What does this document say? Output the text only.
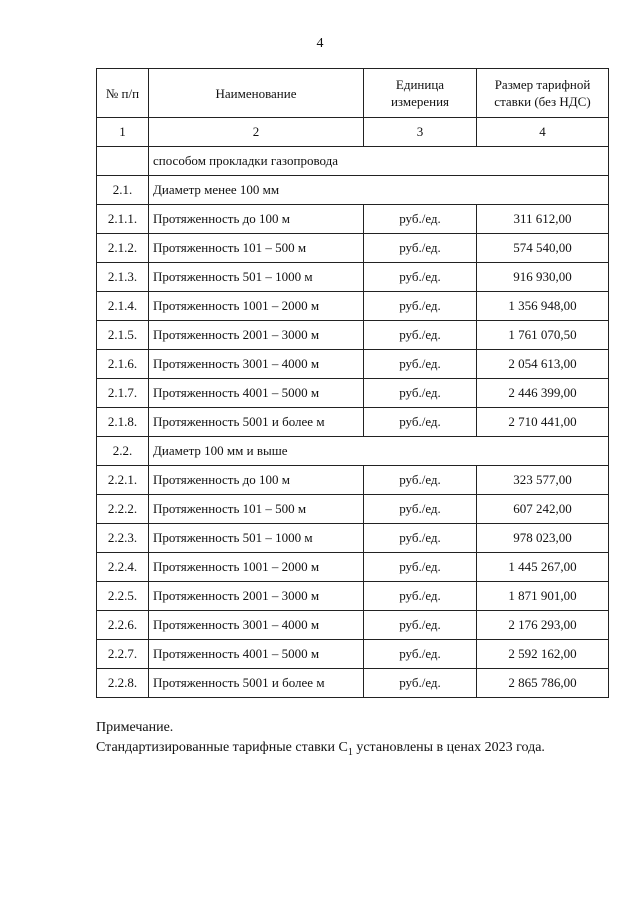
4
№ п/п	Наименование	Единица измерения	Размер тарифной ставки (без НДС)
1	2	3	4
	способом прокладки газопровода		
2.1.	Диаметр менее 100 мм		
2.1.1.	Протяженность до 100 м	руб./ед.	311 612,00
2.1.2.	Протяженность 101 – 500 м	руб./ед.	574 540,00
2.1.3.	Протяженность 501 – 1000 м	руб./ед.	916 930,00
2.1.4.	Протяженность 1001 – 2000 м	руб./ед.	1 356 948,00
2.1.5.	Протяженность 2001 – 3000 м	руб./ед.	1 761 070,50
2.1.6.	Протяженность 3001 – 4000 м	руб./ед.	2 054 613,00
2.1.7.	Протяженность 4001 – 5000 м	руб./ед.	2 446 399,00
2.1.8.	Протяженность 5001 и более м	руб./ед.	2 710 441,00
2.2.	Диаметр 100 мм и выше		
2.2.1.	Протяженность до 100 м	руб./ед.	323 577,00
2.2.2.	Протяженность 101 – 500 м	руб./ед.	607 242,00
2.2.3.	Протяженность 501 – 1000 м	руб./ед.	978 023,00
2.2.4.	Протяженность 1001 – 2000 м	руб./ед.	1 445 267,00
2.2.5.	Протяженность 2001 – 3000 м	руб./ед.	1 871 901,00
2.2.6.	Протяженность 3001 – 4000 м	руб./ед.	2 176 293,00
2.2.7.	Протяженность 4001 – 5000 м	руб./ед.	2 592 162,00
2.2.8.	Протяженность 5001 и более м	руб./ед.	2 865 786,00
Примечание.
Стандартизированные тарифные ставки $С_1$ установлены в ценах 2023 года.
